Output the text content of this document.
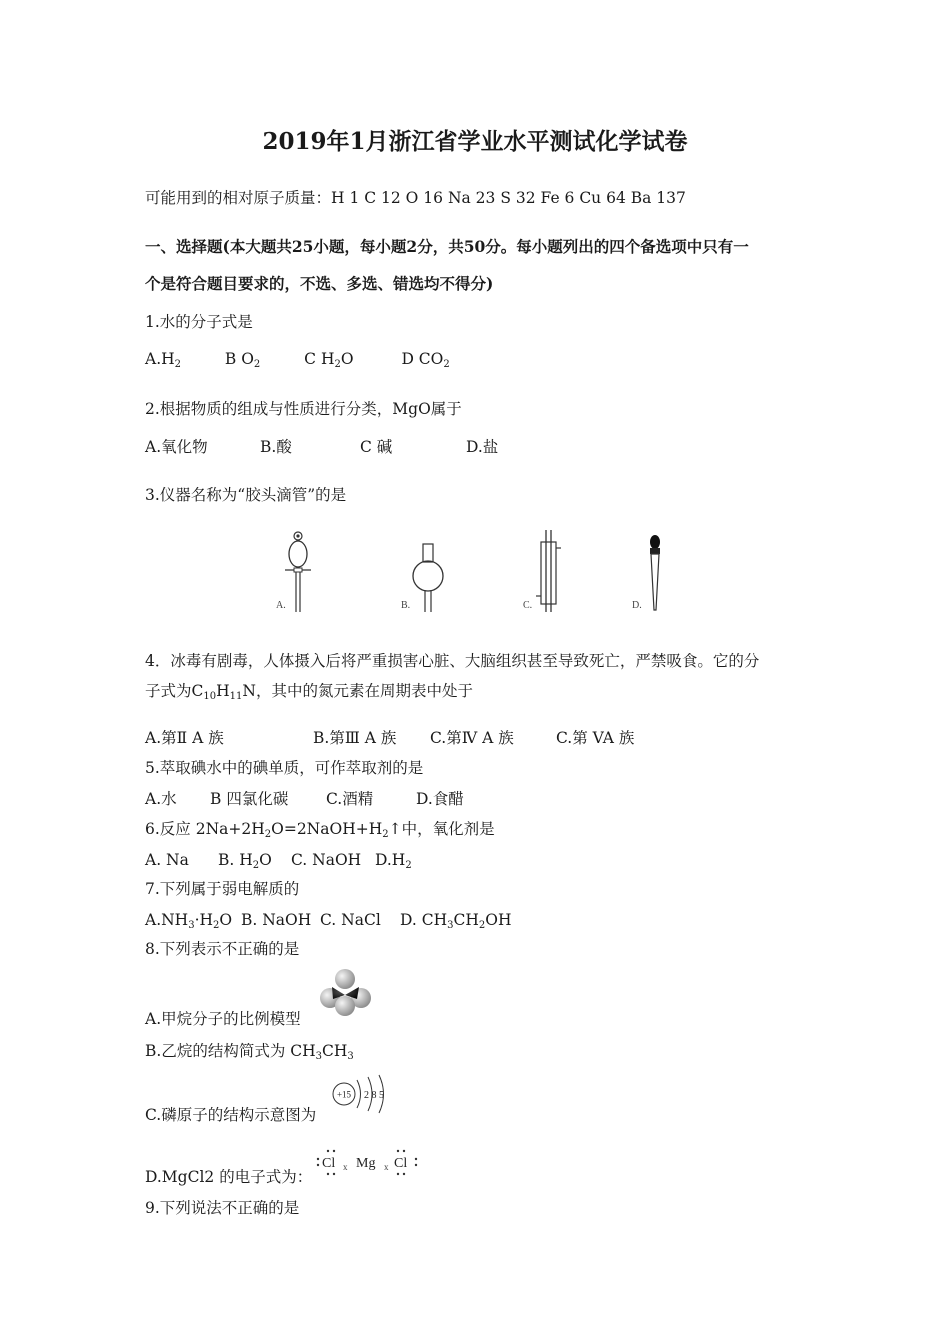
2019年1月浙江省学业水平测试化学试卷
可能用到的相对原子质量：H 1 C 12 O 16 Na 23 S 32 Fe 6 Cu 64 Ba 137
一、选择题(本大题共25小题，每小题2分，共50分。每小题列出的四个备选项中只有一
个是符合题目要求的，不选、多选、错选均不得分)
1.水的分子式是
$A.H_2$	B $O_2$	C $H_2O$	D $CO_2$
2.根据物质的组成与性质进行分类，MgO属于
A.氧化物	B.酸	C 碱	D.盐
3.仪器名称为“胶头滴管”的是
A.	B.	C.	D.
4．冰毒有剧毒，人体摄入后将严重损害心脏、大脑组织甚至导致死亡，严禁吸食。它的分
子式为$C_{10}H_{11}N$，其中的氮元素在周期表中处于
A.第Ⅱ A 族	B.第Ⅲ A 族 C.第Ⅳ A 族	C.第 VA 族
5.萃取碘水中的碘单质，可作萃取剂的是
A.水 B 四氯化碳 C.酒精	D.食醋
6.反应 $2Na+2H_2O=2NaOH+H_2↑$中，氧化剂是
A. Na B. $H_2O$ C. NaOH $D.H_2$
7.下列属于弱电解质的
$A.NH_3\cdot H_2O$ B. NaOH C. NaCl D. $CH_3CH_2OH$
8.下列表示不正确的是
A.甲烷分子的比例模型
B.乙烷的结构简式为 $CH_3CH_3$
C.磷原子的结构示意图为
+15 2 8 5
D.MgCl2 的电子式为：
Cl x Mg x Cl
9.下列说法不正确的是
